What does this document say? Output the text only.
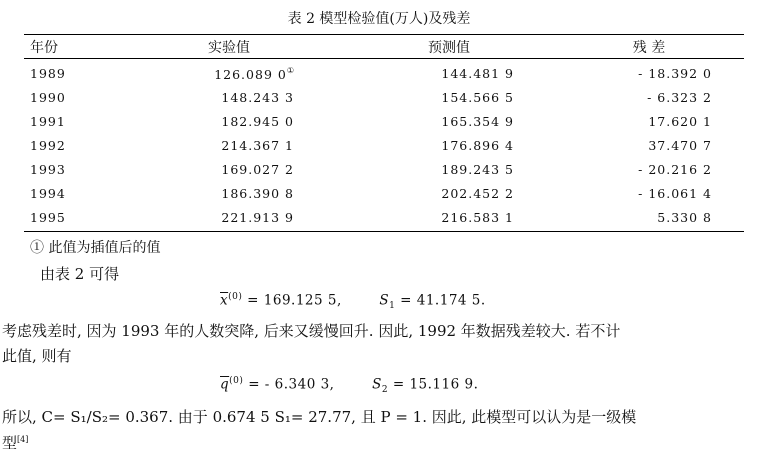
表 2 模型检验值(万人)及残差
年份	实验值	预测值	残 差
1989	126.089 0①	144.481 9	- 18.392 0
1990	148.243 3	154.566 5	- 6.323 2
1991	182.945 0	165.354 9	17.620 1
1992	214.367 1	176.896 4	37.470 7
1993	169.027 2	189.243 5	- 20.216 2
1994	186.390 8	202.452 2	- 16.061 4
1995	221.913 9	216.583 1	5.330 8
① 此值为插值后的值
由表 2 可得
$\overline{x}^{(0)} = 169.125$ 5,	$S_1 = 41.174$ 5.
考虑残差时, 因为 1993 年的人数突降, 后来又缓慢回升. 因此, 1992 年数据残差较大. 若不计
此值, 则有
$\overline{q}^{(0)}$ = - 6.340 3,	$S_2 = 15.116$ 9.
所以, C= S₁/S₂= 0.367. 由于 0.674 5 S₁= 27.77, 且 P = 1. 因此, 此模型可以认为是一级模
型[4]
